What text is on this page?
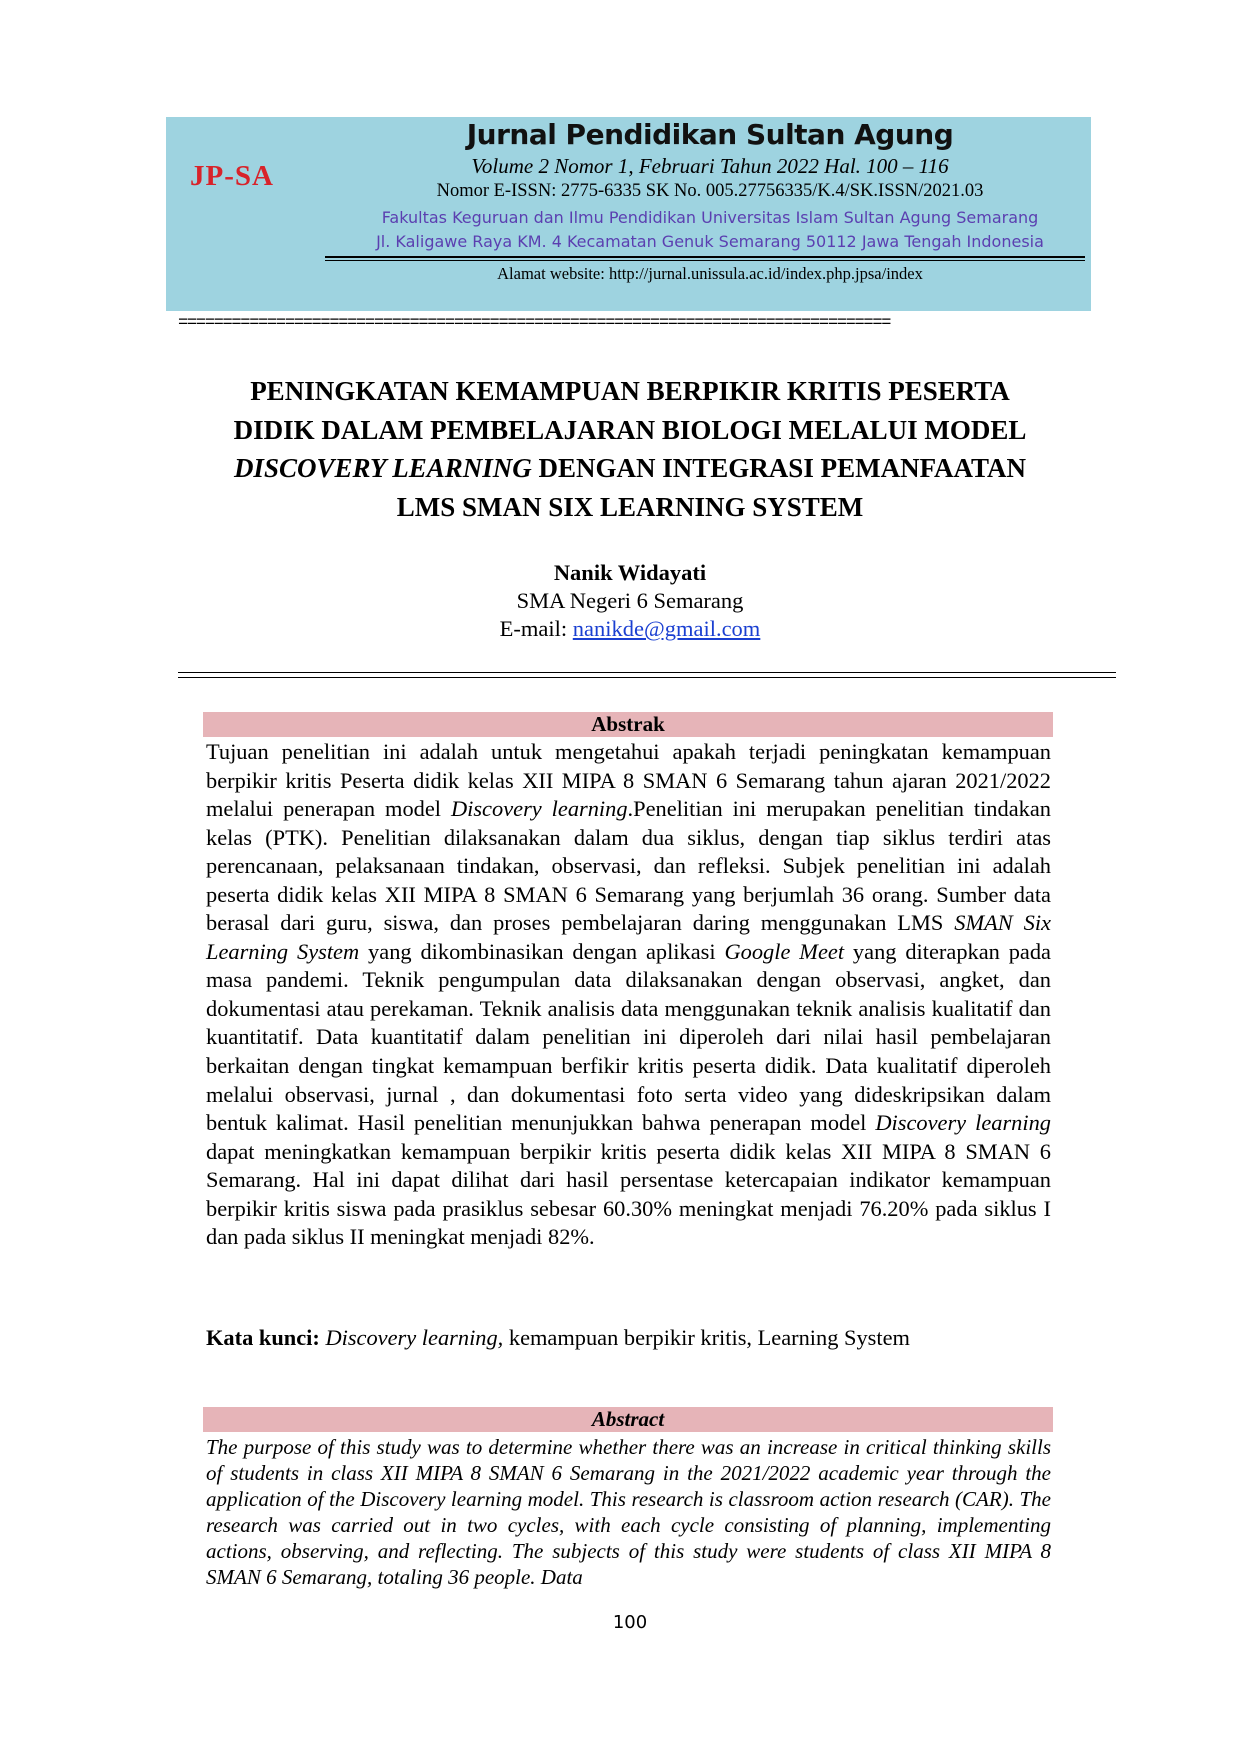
JP-SA
Jurnal Pendidikan Sultan Agung
Volume 2 Nomor 1, Februari Tahun 2022 Hal. 100 – 116
Nomor E-ISSN: 2775-6335 SK No. 005.27756335/K.4/SK.ISSN/2021.03
Fakultas Keguruan dan Ilmu Pendidikan Universitas Islam Sultan Agung Semarang
Jl. Kaligawe Raya KM. 4 Kecamatan Genuk Semarang 50112 Jawa Tengah Indonesia
Alamat website: http://jurnal.unissula.ac.id/index.php.jpsa/index
================================================================================
PENINGKATAN KEMAMPUAN BERPIKIR KRITIS PESERTA
DIDIK DALAM PEMBELAJARAN BIOLOGI MELALUI MODEL
DISCOVERY LEARNING DENGAN INTEGRASI PEMANFAATAN
LMS SMAN SIX LEARNING SYSTEM
Nanik Widayati
SMA Negeri 6 Semarang
E-mail: nanikde@gmail.com
Abstrak

Tujuan penelitian ini adalah untuk mengetahui apakah terjadi peningkatan kemampuan berpikir kritis Peserta didik kelas XII MIPA 8 SMAN 6 Semarang tahun ajaran 2021/2022 melalui penerapan model Discovery learning.Penelitian ini merupakan penelitian tindakan kelas (PTK). Penelitian dilaksanakan dalam dua siklus, dengan tiap siklus terdiri atas perencanaan, pelaksanaan tindakan, observasi, dan refleksi. Subjek penelitian ini adalah peserta didik kelas XII MIPA 8 SMAN 6 Semarang yang berjumlah 36 orang. Sumber data berasal dari guru, siswa, dan proses pembelajaran daring menggunakan LMS SMAN Six Learning System yang dikombinasikan dengan aplikasi Google Meet yang diterapkan pada masa pandemi. Teknik pengumpulan data dilaksanakan dengan observasi, angket, dan dokumentasi atau perekaman. Teknik analisis data menggunakan teknik analisis kualitatif dan kuantitatif. Data kuantitatif dalam penelitian ini diperoleh dari nilai hasil pembelajaran berkaitan dengan tingkat kemampuan berfikir kritis peserta didik. Data kualitatif diperoleh melalui observasi, jurnal , dan dokumentasi foto serta video yang dideskripsikan dalam bentuk kalimat. Hasil penelitian menunjukkan bahwa penerapan model Discovery learning dapat meningkatkan kemampuan berpikir kritis peserta didik kelas XII MIPA 8 SMAN 6 Semarang. Hal ini dapat dilihat dari hasil persentase ketercapaian indikator kemampuan berpikir kritis siswa pada prasiklus sebesar 60.30% meningkat menjadi 76.20% pada siklus I dan pada siklus II meningkat menjadi 82%.

Kata kunci: Discovery learning, kemampuan berpikir kritis, Learning System
Abstract

The purpose of this study was to determine whether there was an increase in critical thinking skills of students in class XII MIPA 8 SMAN 6 Semarang in the 2021/2022 academic year through the application of the Discovery learning model. This research is classroom action research (CAR). The research was carried out in two cycles, with each cycle consisting of planning, implementing actions, observing, and reflecting. The subjects of this study were students of class XII MIPA 8 SMAN 6 Semarang, totaling 36 people. Data

100
